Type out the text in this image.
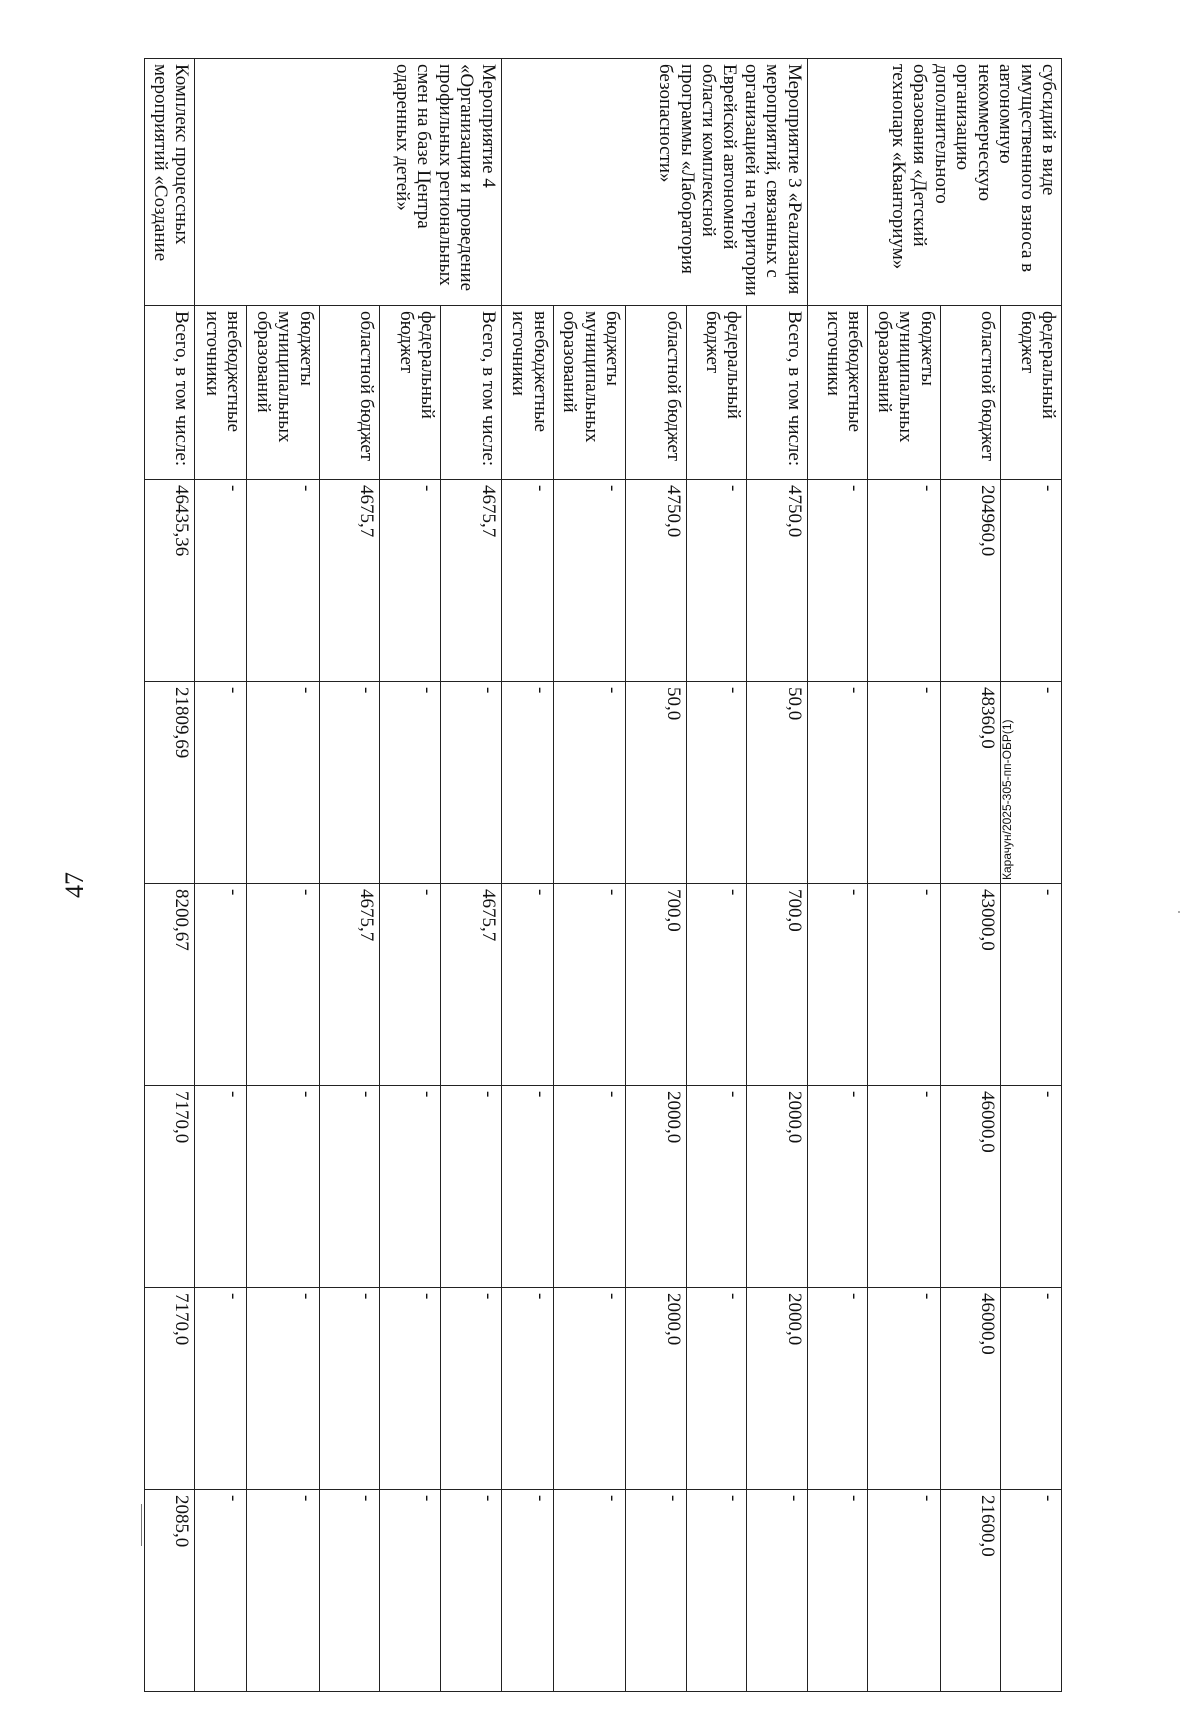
47
субсидий в виде имущественного взноса в автономную некоммерческую организацию дополнительного образования «Детский технопарк «Кванториум»	федеральный бюджет	-	-	-	-	-	-
	областной бюджет	204960,0	48360,0	43000,0	46000,0	46000,0	21600,0
	бюджеты муниципальных образований	-	-	-	-	-	-
	внебюджетные источники	-	-	-	-	-	-
Мероприятие 3 «Реализация мероприятий, связанных с организацией на территории Еврейской автономной области комплексной программы «Лаборатория безопасности»	Всего, в том числе:	4750,0	50,0	700,0	2000,0	2000,0	-
	федеральный бюджет	-	-	-	-	-	-
	областной бюджет	4750,0	50,0	700,0	2000,0	2000,0	-
	бюджеты муниципальных образований	-	-	-	-	-	-
	внебюджетные источники	-	-	-	-	-	-
Мероприятие 4 «Организация и проведение профильных региональных смен на базе Центра одаренных детей»	Всего, в том числе:	4675,7	-	4675,7	-	-	-
	федеральный бюджет	-	-	-	-	-	-
	областной бюджет	4675,7	-	4675,7	-	-	-
	бюджеты муниципальных образований	-	-	-	-	-	-
	внебюджетные источники	-	-	-	-	-	-
Комплекс процессных мероприятий «Создание	Всего, в том числе:	46435,36	21809,69	8200,67	7170,0	7170,0	2085,0
Карачун/2025-305-пп-ОБР(1)
